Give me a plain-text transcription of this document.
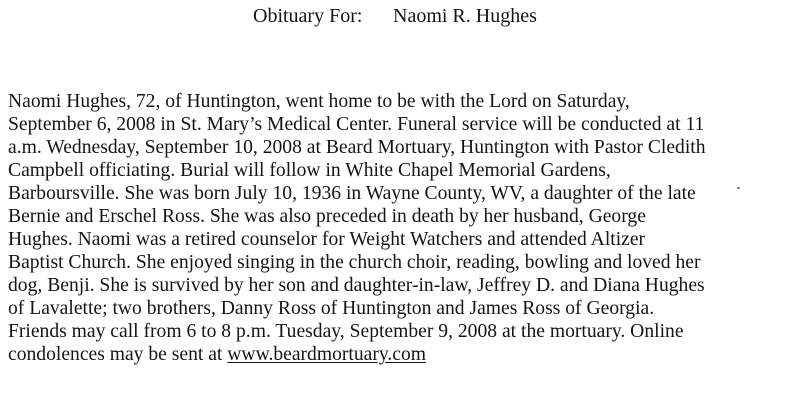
Obituary For: Naomi R. Hughes
Naomi Hughes, 72, of Huntington, went home to be with the Lord on Saturday,
September 6, 2008 in St. Mary’s Medical Center. Funeral service will be conducted at 11
a.m. Wednesday, September 10, 2008 at Beard Mortuary, Huntington with Pastor Cledith
Campbell officiating. Burial will follow in White Chapel Memorial Gardens,
Barboursville. She was born July 10, 1936 in Wayne County, WV, a daughter of the late
Bernie and Erschel Ross. She was also preceded in death by her husband, George
Hughes. Naomi was a retired counselor for Weight Watchers and attended Altizer
Baptist Church. She enjoyed singing in the church choir, reading, bowling and loved her
dog, Benji. She is survived by her son and daughter-in-law, Jeffrey D. and Diana Hughes
of Lavalette; two brothers, Danny Ross of Huntington and James Ross of Georgia.
Friends may call from 6 to 8 p.m. Tuesday, September 9, 2008 at the mortuary. Online
condolences may be sent at www.beardmortuary.com
